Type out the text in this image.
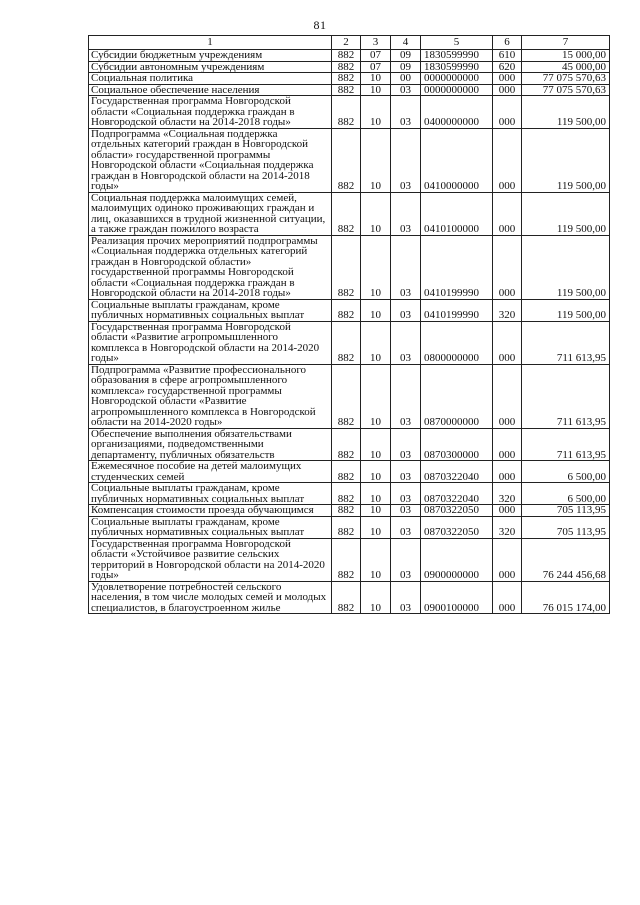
81
1	2	3	4	5	6	7
Субсидии бюджетным учреждениям	882	07	09	1830599990	610	15 000,00
Субсидии автономным учреждениям	882	07	09	1830599990	620	45 000,00
Социальная политика	882	10	00	0000000000	000	77 075 570,63
Социальное обеспечение населения	882	10	03	0000000000	000	77 075 570,63
Государственная программа Новгородской области «Социальная поддержка граждан в Новгородской области на 2014-2018 годы»	882	10	03	0400000000	000	119 500,00
Подпрограмма «Социальная поддержка отдельных категорий граждан в Новгородской области» государственной программы Новгородской области «Социальная поддержка граждан в Новгородской области на 2014-2018 годы»	882	10	03	0410000000	000	119 500,00
Социальная поддержка малоимущих семей, малоимущих одиноко проживающих граждан и лиц, оказавшихся в трудной жизненной ситуации, а также граждан пожилого возраста	882	10	03	0410100000	000	119 500,00
Реализация прочих мероприятий подпрограммы «Социальная поддержка отдельных категорий граждан в Новгородской области» государственной программы Новгородской области «Социальная поддержка граждан в Новгородской области на 2014-2018 годы»	882	10	03	0410199990	000	119 500,00
Социальные выплаты гражданам, кроме публичных нормативных социальных выплат	882	10	03	0410199990	320	119 500,00
Государственная программа Новгородской области «Развитие агропромышленного комплекса в Новгородской области на 2014-2020 годы»	882	10	03	0800000000	000	711 613,95
Подпрограмма «Развитие профессионального образования в сфере агропромышленного комплекса» государственной программы Новгородской области «Развитие агропромышленного комплекса в Новгородской области на 2014-2020 годы»	882	10	03	0870000000	000	711 613,95
Обеспечение выполнения обязательствами организациями, подведомственными департаменту, публичных обязательств	882	10	03	0870300000	000	711 613,95
Ежемесячное пособие на детей малоимущих студенческих семей	882	10	03	0870322040	000	6 500,00
Социальные выплаты гражданам, кроме публичных нормативных социальных выплат	882	10	03	0870322040	320	6 500,00
Компенсация стоимости проезда обучающимся	882	10	03	0870322050	000	705 113,95
Социальные выплаты гражданам, кроме публичных нормативных социальных выплат	882	10	03	0870322050	320	705 113,95
Государственная программа Новгородской области «Устойчивое развитие сельских территорий в Новгородской области на 2014-2020 годы»	882	10	03	0900000000	000	76 244 456,68
Удовлетворение потребностей сельского населения, в том числе молодых семей и молодых специалистов, в благоустроенном жилье	882	10	03	0900100000	000	76 015 174,00
